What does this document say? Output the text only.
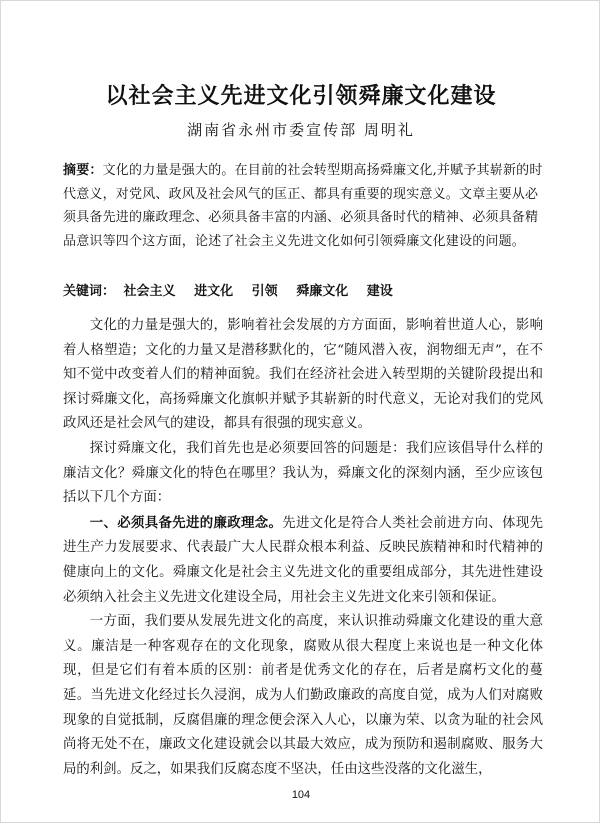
以社会主义先进文化引领舜廉文化建设
湖南省永州市委宣传部 周明礼
摘要：文化的力量是强大的。在目前的社会转型期高扬舜廉文化,并赋予其崭新的时代意义，对党风、政风及社会风气的匡正、都具有重要的现实意义。文章主要从必须具备先进的廉政理念、必须具备丰富的内涵、必须具备时代的精神、必须具备精品意识等四个这方面，论述了社会主义先进文化如何引领舜廉文化建设的问题。
关键词： 社会主义 进文化 引领 舜廉文化 建设

文化的力量是强大的，影响着社会发展的方方面面，影响着世道人心，影响着人格塑造；文化的力量又是潜移默化的，它“随风潜入夜，润物细无声”，在不知不觉中改变着人们的精神面貌。我们在经济社会进入转型期的关键阶段提出和探讨舜廉文化，高扬舜廉文化旗帜并赋予其崭新的时代意义，无论对我们的党风政风还是社会风气的建设，都具有很强的现实意义。

探讨舜廉文化，我们首先也是必须要回答的问题是：我们应该倡导什么样的廉洁文化？舜廉文化的特色在哪里？我认为，舜廉文化的深刻内涵，至少应该包括以下几个方面：

一、必须具备先进的廉政理念。先进文化是符合人类社会前进方向、体现先进生产力发展要求、代表最广大人民群众根本利益、反映民族精神和时代精神的健康向上的文化。舜廉文化是社会主义先进文化的重要组成部分，其先进性建设必须纳入社会主义先进文化建设全局，用社会主义先进文化来引领和保证。

一方面，我们要从发展先进文化的高度，来认识推动舜廉文化建设的重大意义。廉洁是一种客观存在的文化现象，腐败从很大程度上来说也是一种文化体现，但是它们有着本质的区别：前者是优秀文化的存在，后者是腐朽文化的蔓延。当先进文化经过长久浸润，成为人们勤政廉政的高度自觉，成为人们对腐败现象的自觉抵制，反腐倡廉的理念便会深入人心，以廉为荣、以贪为耻的社会风尚将无处不在，廉政文化建设就会以其最大效应，成为预防和遏制腐败、服务大局的利剑。反之，如果我们反腐态度不坚决，任由这些没落的文化滋生，

104
